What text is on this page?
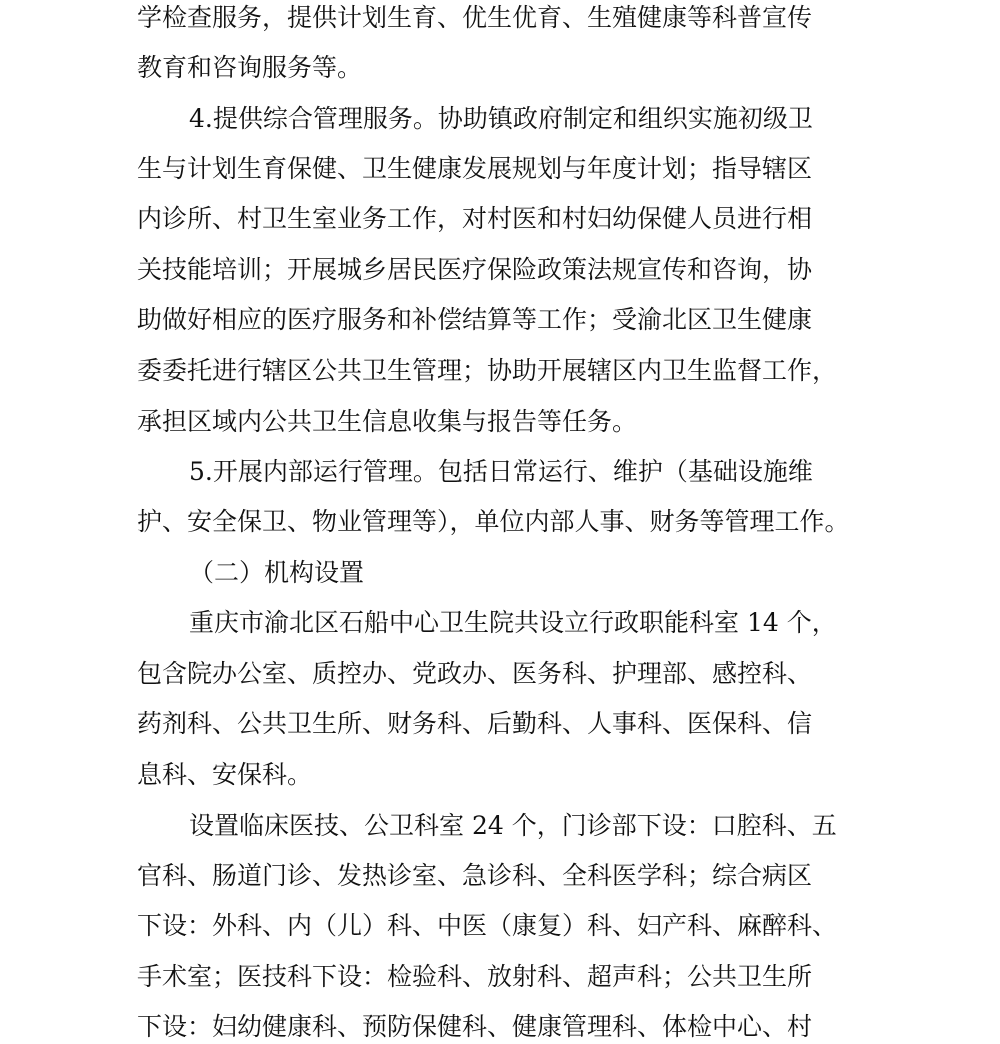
学检查服务，提供计划生育、优生优育、生殖健康等科普宣传
教育和咨询服务等。
4.提供综合管理服务。协助镇政府制定和组织实施初级卫
生与计划生育保健、卫生健康发展规划与年度计划；指导辖区
内诊所、村卫生室业务工作，对村医和村妇幼保健人员进行相
关技能培训；开展城乡居民医疗保险政策法规宣传和咨询，协
助做好相应的医疗服务和补偿结算等工作；受渝北区卫生健康
委委托进行辖区公共卫生管理；协助开展辖区内卫生监督工作，
承担区域内公共卫生信息收集与报告等任务。
5.开展内部运行管理。包括日常运行、维护（基础设施维
护、安全保卫、物业管理等），单位内部人事、财务等管理工作。
（二）机构设置
重庆市渝北区石船中心卫生院共设立行政职能科室 14 个，
包含院办公室、质控办、党政办、医务科、护理部、感控科、
药剂科、公共卫生所、财务科、后勤科、人事科、医保科、信
息科、安保科。
设置临床医技、公卫科室 24 个，门诊部下设：口腔科、五
官科、肠道门诊、发热诊室、急诊科、全科医学科；综合病区
下设：外科、内（儿）科、中医（康复）科、妇产科、麻醉科、
手术室；医技科下设：检验科、放射科、超声科；公共卫生所
下设：妇幼健康科、预防保健科、健康管理科、体检中心、村
